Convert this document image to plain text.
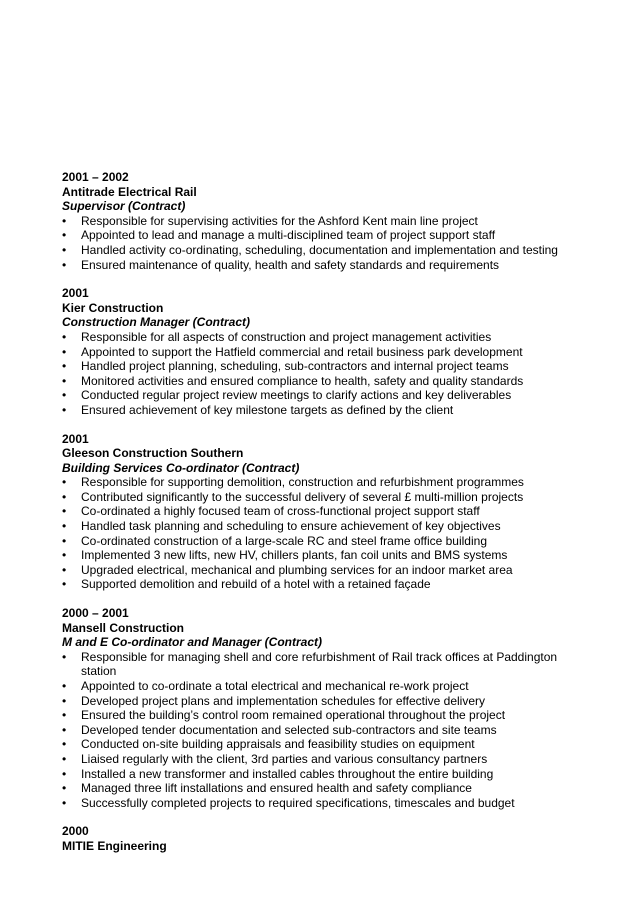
2001 – 2002
Antitrade Electrical Rail
Supervisor (Contract)
• Responsible for supervising activities for the Ashford Kent main line project
• Appointed to lead and manage a multi-disciplined team of project support staff
• Handled activity co-ordinating, scheduling, documentation and implementation and testing
• Ensured maintenance of quality, health and safety standards and requirements
2001
Kier Construction
Construction Manager (Contract)
• Responsible for all aspects of construction and project management activities
• Appointed to support the Hatfield commercial and retail business park development
• Handled project planning, scheduling, sub-contractors and internal project teams
• Monitored activities and ensured compliance to health, safety and quality standards
• Conducted regular project review meetings to clarify actions and key deliverables
• Ensured achievement of key milestone targets as defined by the client
2001
Gleeson Construction Southern
Building Services Co-ordinator (Contract)
• Responsible for supporting demolition, construction and refurbishment programmes
• Contributed significantly to the successful delivery of several £ multi-million projects
• Co-ordinated a highly focused team of cross-functional project support staff
• Handled task planning and scheduling to ensure achievement of key objectives
• Co-ordinated construction of a large-scale RC and steel frame office building
• Implemented 3 new lifts, new HV, chillers plants, fan coil units and BMS systems
• Upgraded electrical, mechanical and plumbing services for an indoor market area
• Supported demolition and rebuild of a hotel with a retained façade
2000 – 2001
Mansell Construction
M and E Co-ordinator and Manager (Contract)
• Responsible for managing shell and core refurbishment of Rail track offices at Paddington station
• Appointed to co-ordinate a total electrical and mechanical re-work project
• Developed project plans and implementation schedules for effective delivery
• Ensured the building’s control room remained operational throughout the project
• Developed tender documentation and selected sub-contractors and site teams
• Conducted on-site building appraisals and feasibility studies on equipment
• Liaised regularly with the client, 3rd parties and various consultancy partners
• Installed a new transformer and installed cables throughout the entire building
• Managed three lift installations and ensured health and safety compliance
• Successfully completed projects to required specifications, timescales and budget
2000
MITIE Engineering
